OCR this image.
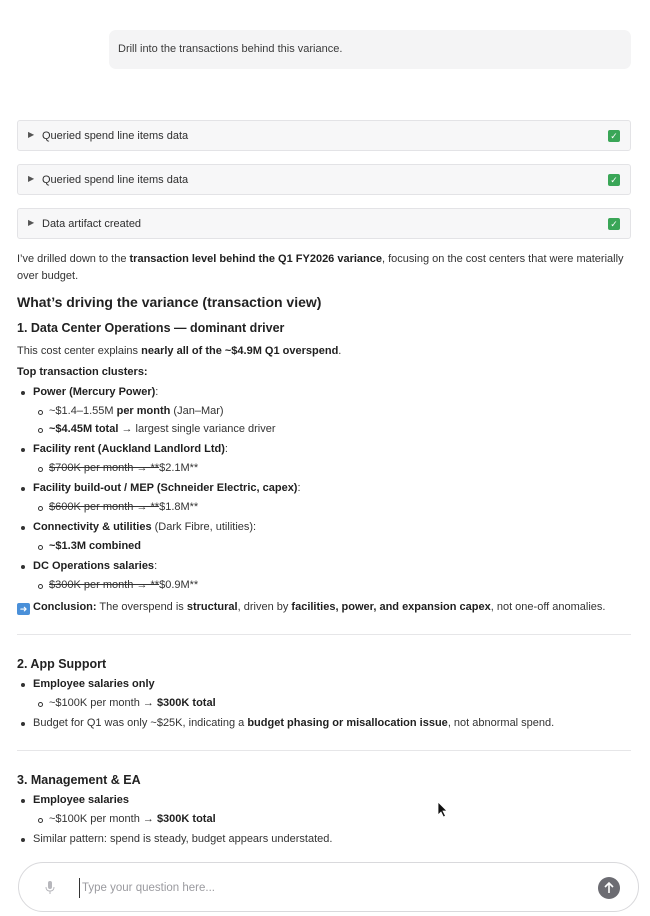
Drill into the transactions behind this variance.
▶ Queried spend line items data	✓
▶ Queried spend line items data	✓
▶ Data artifact created	✓

I’ve drilled down to the transaction level behind the Q1 FY2026 variance, focusing on the cost centers that were materially over budget.

What’s driving the variance (transaction view)
1. Data Center Operations — dominant driver

This cost center explains nearly all of the ~$4.9M Q1 overspend.

Top transaction clusters:

Power (Mercury Power):
~$1.4–1.55M per month (Jan–Mar)
~$4.45M total → largest single variance driver
Facility rent (Auckland Landlord Ltd):
$700K per month → **$2.1M**
Facility build-out / MEP (Schneider Electric, capex):
$600K per month → **$1.8M**
Connectivity & utilities (Dark Fibre, utilities):
~$1.3M combined
DC Operations salaries:
$300K per month → **$0.9M**

➜ Conclusion: The overspend is structural, driven by facilities, power, and expansion capex, not one-off anomalies.

2. App Support
Employee salaries only
~$100K per month → $300K total
Budget for Q1 was only ~$25K, indicating a budget phasing or misallocation issue, not abnormal spend.
3. Management & EA
Employee salaries
~$100K per month → $300K total
Similar pattern: spend is steady, budget appears understated.
Type your question here...
